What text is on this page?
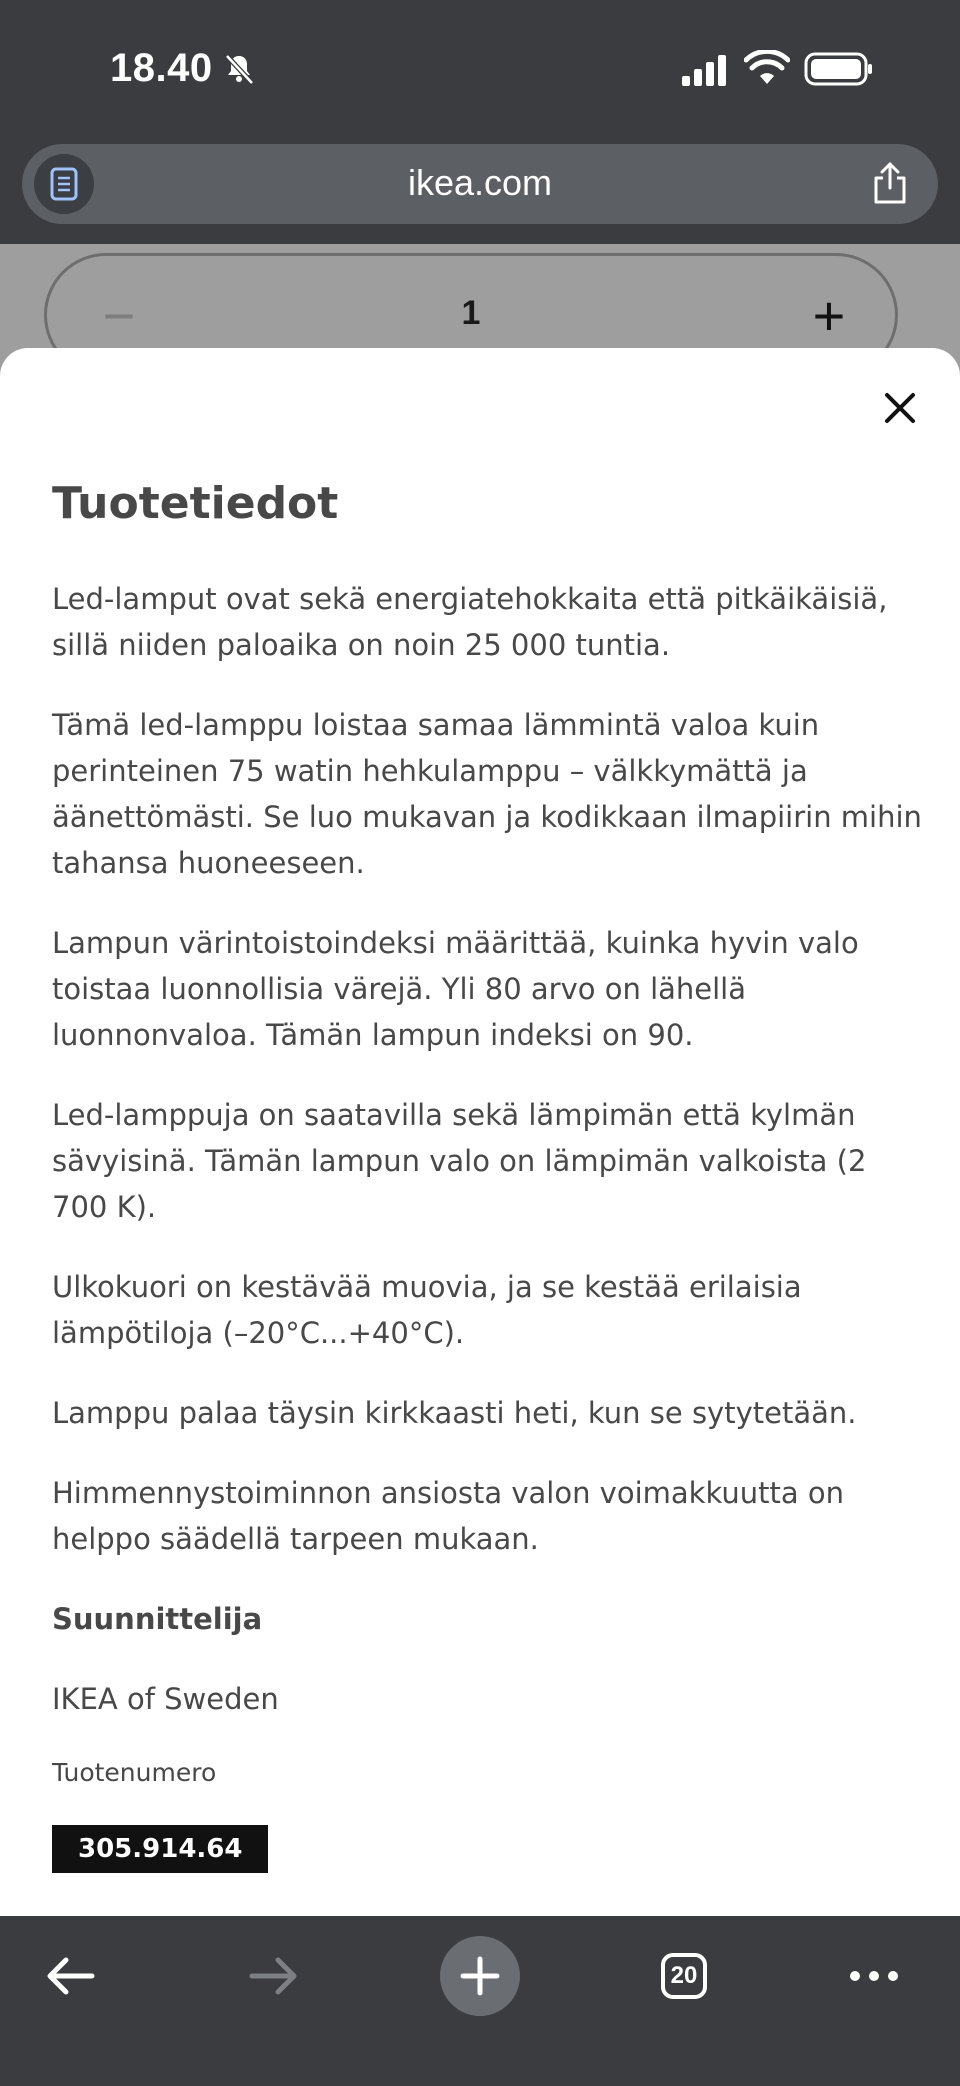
18.40
ikea.com
−	1	+
Tuotetiedot

Led-lamput ovat sekä energiatehokkaita että pitkäikäisiä, sillä niiden paloaika on noin 25 000 tuntia.

Tämä led-lamppu loistaa samaa lämmintä valoa kuin perinteinen 75 watin hehkulamppu – välkkymättä ja äänettömästi. Se luo mukavan ja kodikkaan ilmapiirin mihin tahansa huoneeseen.

Lampun värintoistoindeksi määrittää, kuinka hyvin valo toistaa luonnollisia värejä. Yli 80 arvo on lähellä luonnonvaloa. Tämän lampun indeksi on 90.

Led-lamppuja on saatavilla sekä lämpimän että kylmän sävyisinä. Tämän lampun valo on lämpimän valkoista (2 700 K).

Ulkokuori on kestävää muovia, ja se kestää erilaisia lämpötiloja (–20°C...+40°C).

Lamppu palaa täysin kirkkaasti heti, kun se sytytetään.

Himmennystoiminnon ansiosta valon voimakkuutta on helppo säädellä tarpeen mukaan.

Suunnittelija

IKEA of Sweden

Tuotenumero

305.914.64
20
